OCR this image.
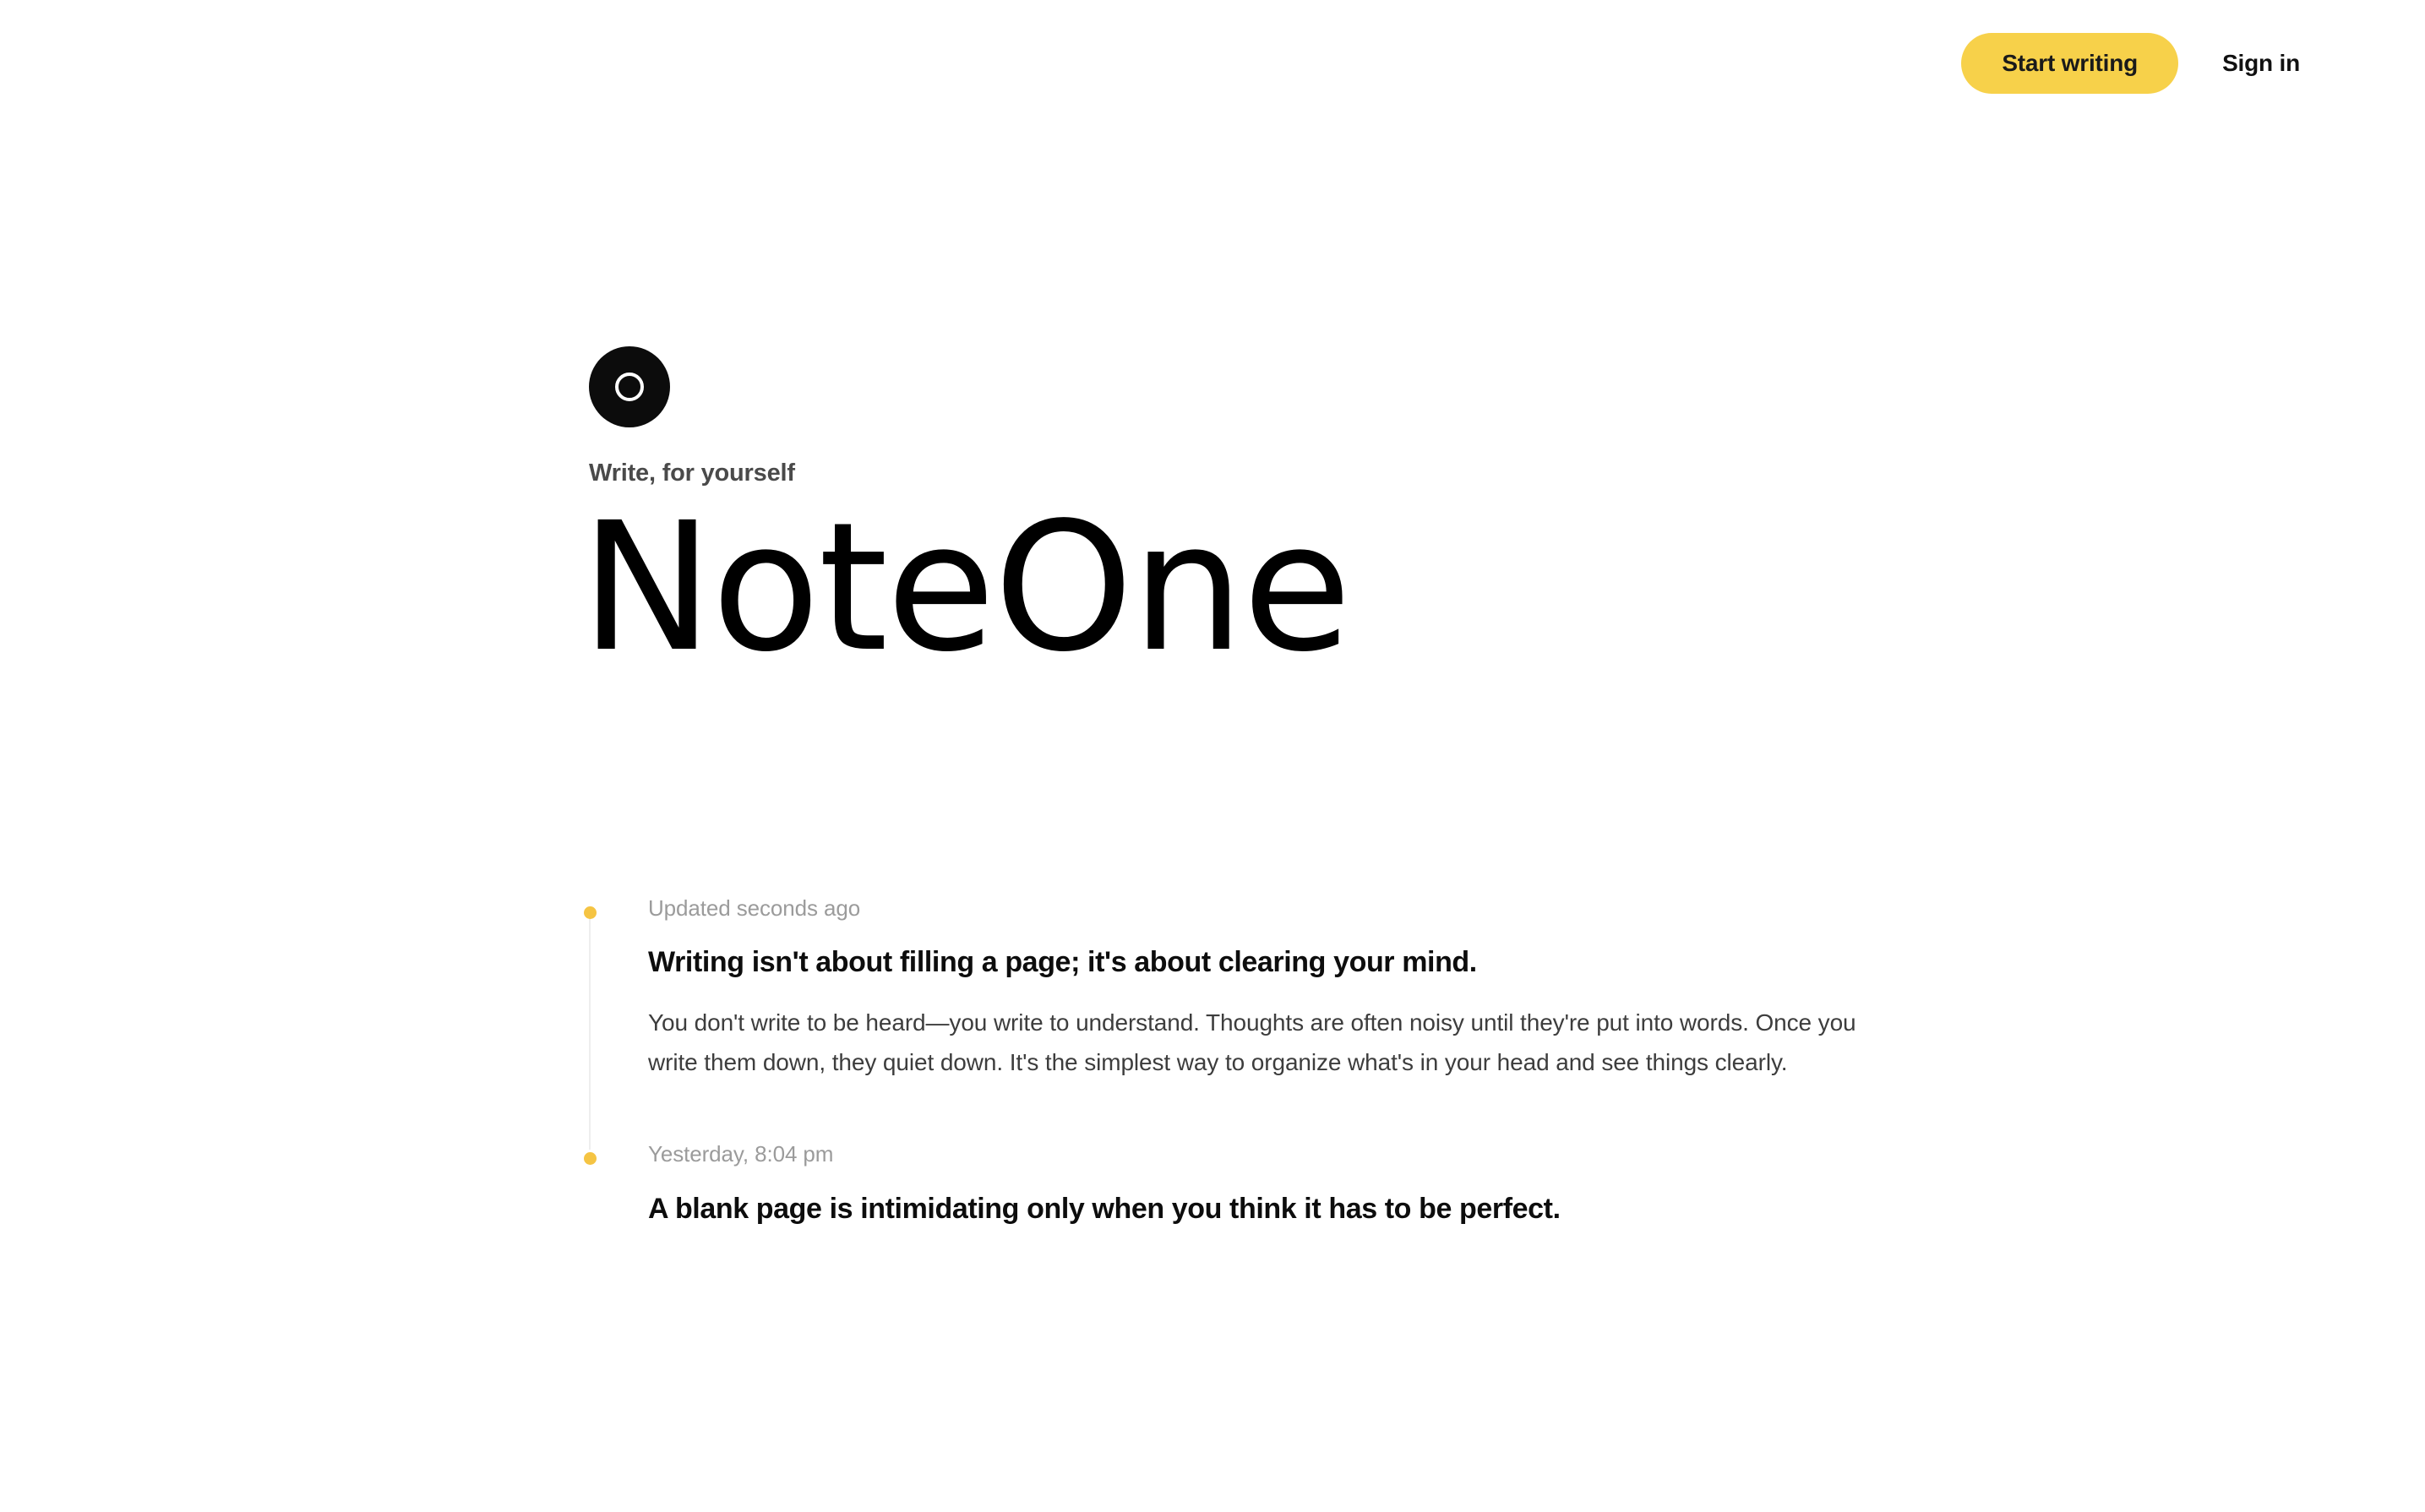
Start writing	Sign in
Write, for yourself
NoteOne
Updated seconds ago
Writing isn't about filling a page; it's about clearing your mind.
You don't write to be heard—you write to understand. Thoughts are often noisy until they're put into words. Once you write them down, they quiet down. It's the simplest way to organize what's in your head and see things clearly.
Yesterday, 8:04 pm
A blank page is intimidating only when you think it has to be perfect.
